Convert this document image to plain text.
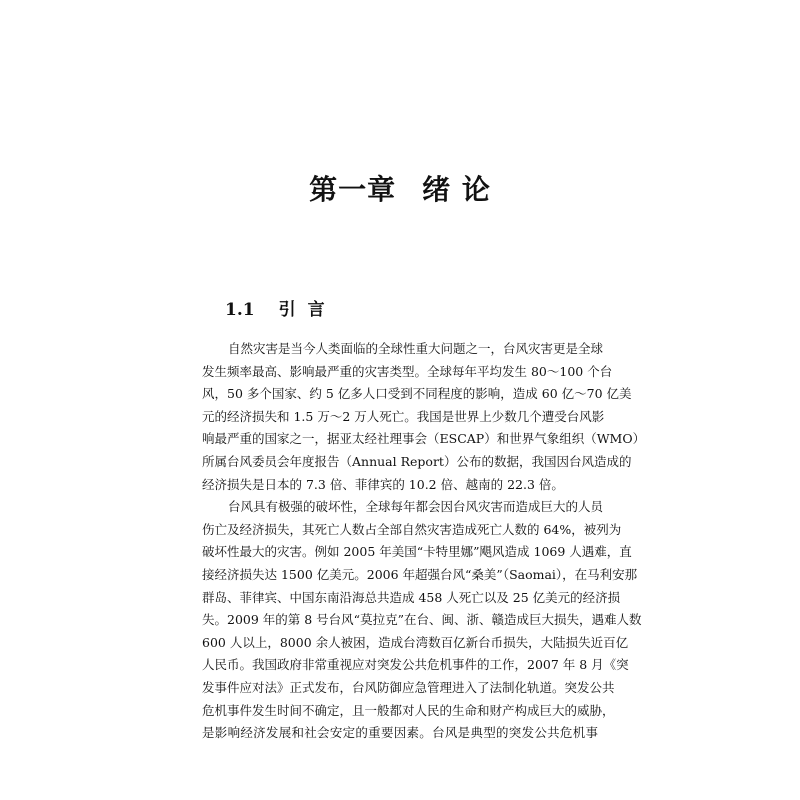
第一章 绪 论
1.1 引言
自然灾害是当今人类面临的全球性重大问题之一，台风灾害更是全球
发生频率最高、影响最严重的灾害类型。全球每年平均发生 80～100 个台
风，50 多个国家、约 5 亿多人口受到不同程度的影响，造成 60 亿～70 亿美
元的经济损失和 1.5 万～2 万人死亡。我国是世界上少数几个遭受台风影
响最严重的国家之一，据亚太经社理事会（ESCAP）和世界气象组织（WMO）
所属台风委员会年度报告（Annual Report）公布的数据，我国因台风造成的
经济损失是日本的 7.3 倍、菲律宾的 10.2 倍、越南的 22.3 倍。
台风具有极强的破坏性，全球每年都会因台风灾害而造成巨大的人员
伤亡及经济损失，其死亡人数占全部自然灾害造成死亡人数的 64%，被列为
破坏性最大的灾害。例如 2005 年美国“卡特里娜”飓风造成 1069 人遇难，直
接经济损失达 1500 亿美元。2006 年超强台风“桑美”（Saomai），在马利安那
群岛、菲律宾、中国东南沿海总共造成 458 人死亡以及 25 亿美元的经济损
失。2009 年的第 8 号台风“莫拉克”在台、闽、浙、赣造成巨大损失，遇难人数
600 人以上，8000 余人被困，造成台湾数百亿新台币损失，大陆损失近百亿
人民币。我国政府非常重视应对突发公共危机事件的工作，2007 年 8 月《突
发事件应对法》正式发布，台风防御应急管理进入了法制化轨道。突发公共
危机事件发生时间不确定，且一般都对人民的生命和财产构成巨大的威胁，
是影响经济发展和社会安定的重要因素。台风是典型的突发公共危机事
